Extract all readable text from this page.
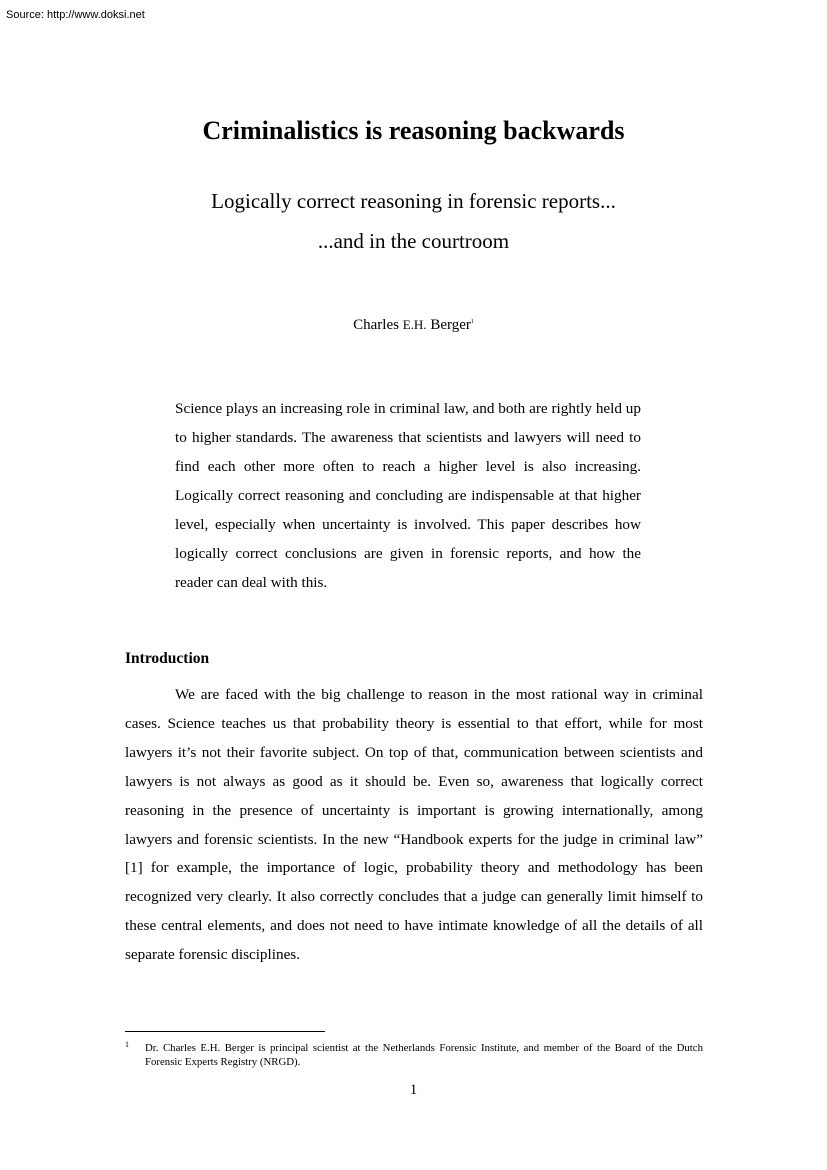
Source: http://www.doksi.net
Criminalistics is reasoning backwards

Logically correct reasoning in forensic reports...

...and in the courtroom

Charles E.H. Berger$^1$

Science plays an increasing role in criminal law, and both are rightly held up to higher standards. The awareness that scientists and lawyers will need to find each other more often to reach a higher level is also increasing. Logically correct reasoning and concluding are indispensable at that higher level, especially when uncertainty is involved. This paper describes how logically correct conclusions are given in forensic reports, and how the reader can deal with this.

Introduction

We are faced with the big challenge to reason in the most rational way in criminal cases. Science teaches us that probability theory is essential to that effort, while for most lawyers it’s not their favorite subject. On top of that, communication between scientists and lawyers is not always as good as it should be. Even so, awareness that logically correct reasoning in the presence of uncertainty is important is growing internationally, among lawyers and forensic scientists. In the new “Handbook experts for the judge in criminal law” [1] for example, the importance of logic, probability theory and methodology has been recognized very clearly. It also correctly concludes that a judge can generally limit himself to these central elements, and does not need to have intimate knowledge of all the details of all separate forensic disciplines.

1 Dr. Charles E.H. Berger is principal scientist at the Netherlands Forensic Institute, and member of the Board of the Dutch Forensic Experts Registry (NRGD).
1
